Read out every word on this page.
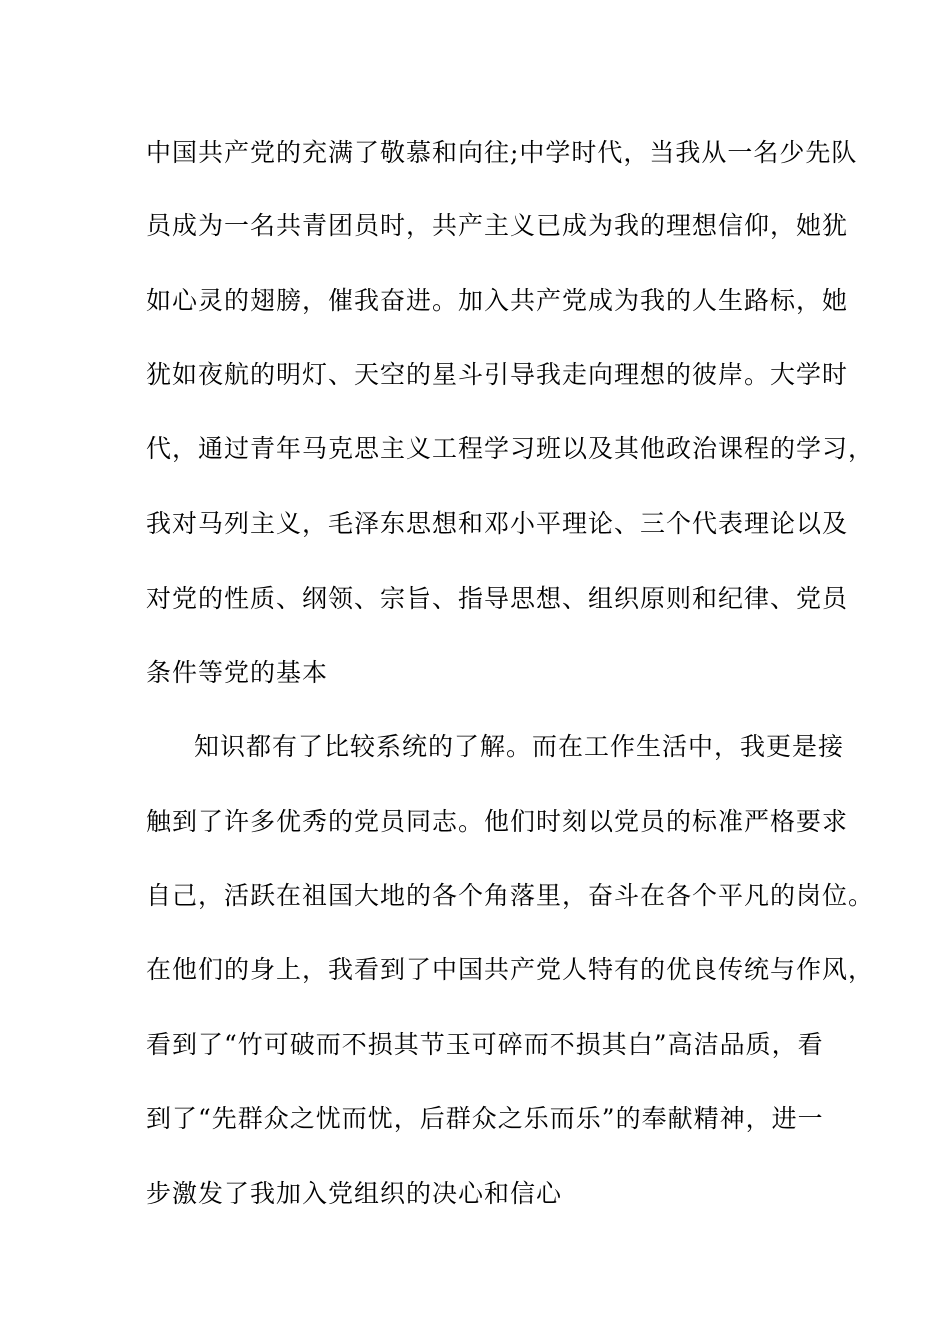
中国共产党的充满了敬慕和向往;中学时代，当我从一名少先队
员成为一名共青团员时，共产主义已成为我的理想信仰，她犹
如心灵的翅膀，催我奋进。加入共产党成为我的人生路标，她
犹如夜航的明灯、天空的星斗引导我走向理想的彼岸。大学时
代，通过青年马克思主义工程学习班以及其他政治课程的学习，
我对马列主义，毛泽东思想和邓小平理论、三个代表理论以及
对党的性质、纲领、宗旨、指导思想、组织原则和纪律、党员
条件等党的基本
知识都有了比较系统的了解。而在工作生活中，我更是接
触到了许多优秀的党员同志。他们时刻以党员的标准严格要求
自己，活跃在祖国大地的各个角落里，奋斗在各个平凡的岗位。
在他们的身上，我看到了中国共产党人特有的优良传统与作风，
看到了“竹可破而不损其节玉可碎而不损其白”高洁品质，看
到了“先群众之忧而忧，后群众之乐而乐”的奉献精神，进一
步激发了我加入党组织的决心和信心
